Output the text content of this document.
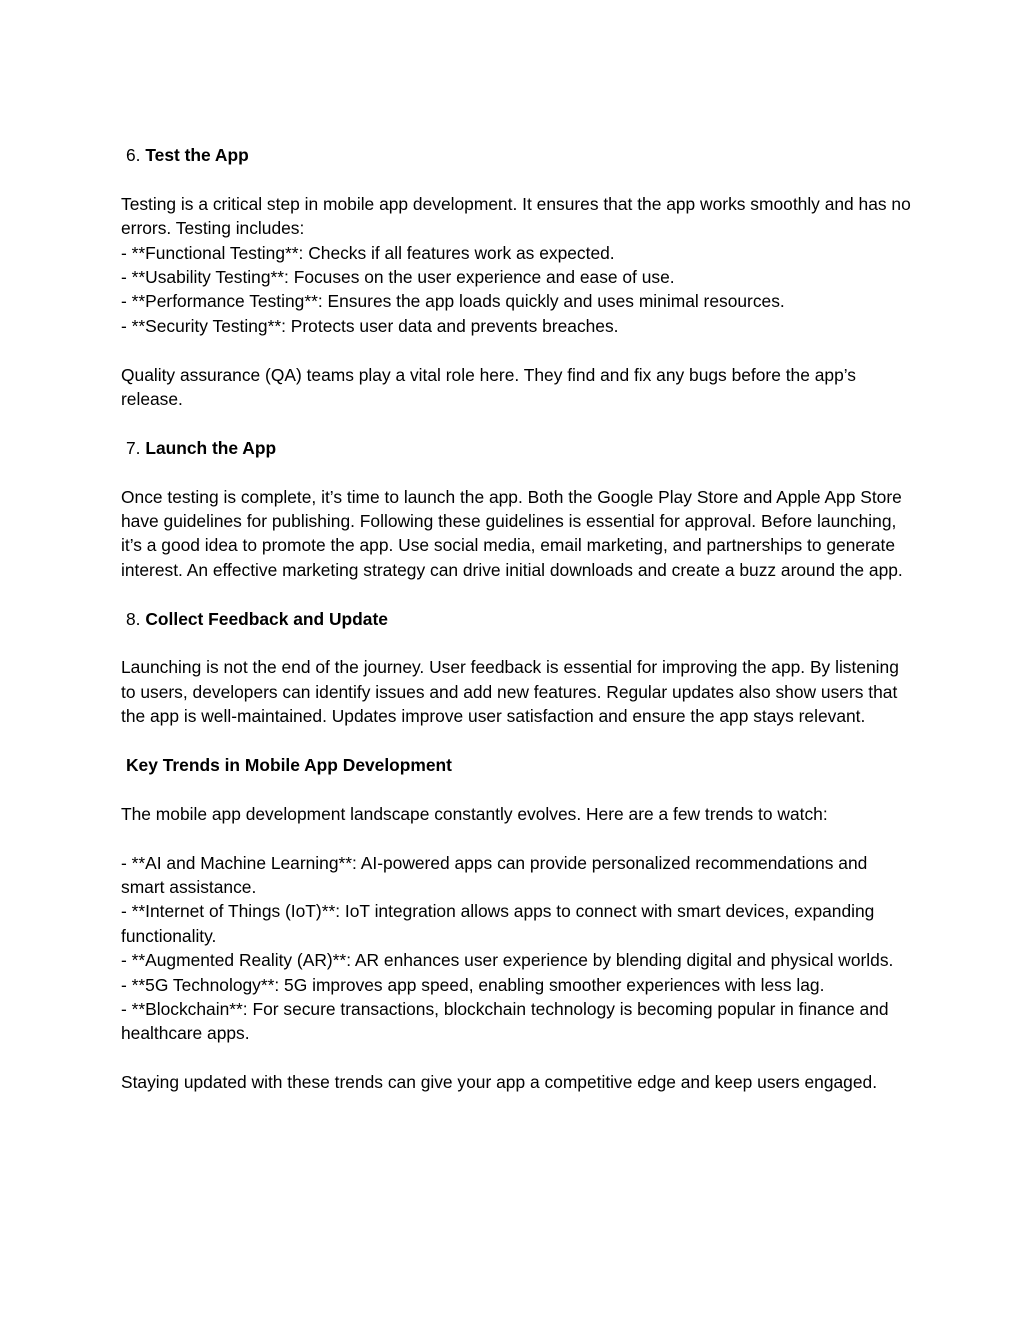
6. Test the App

Testing is a critical step in mobile app development. It ensures that the app works smoothly and has no errors. Testing includes:

- **Functional Testing**: Checks if all features work as expected.

- **Usability Testing**: Focuses on the user experience and ease of use.

- **Performance Testing**: Ensures the app loads quickly and uses minimal resources.

- **Security Testing**: Protects user data and prevents breaches.

Quality assurance (QA) teams play a vital role here. They find and fix any bugs before the app’s release.

7. Launch the App

Once testing is complete, it’s time to launch the app. Both the Google Play Store and Apple App Store have guidelines for publishing. Following these guidelines is essential for approval. Before launching, it’s a good idea to promote the app. Use social media, email marketing, and partnerships to generate interest. An effective marketing strategy can drive initial downloads and create a buzz around the app.

8. Collect Feedback and Update

Launching is not the end of the journey. User feedback is essential for improving the app. By listening to users, developers can identify issues and add new features. Regular updates also show users that the app is well-maintained. Updates improve user satisfaction and ensure the app stays relevant.

Key Trends in Mobile App Development

The mobile app development landscape constantly evolves. Here are a few trends to watch:

- **AI and Machine Learning**: AI-powered apps can provide personalized recommendations and smart assistance.

- **Internet of Things (IoT)**: IoT integration allows apps to connect with smart devices, expanding functionality.

- **Augmented Reality (AR)**: AR enhances user experience by blending digital and physical worlds.

- **5G Technology**: 5G improves app speed, enabling smoother experiences with less lag.

- **Blockchain**: For secure transactions, blockchain technology is becoming popular in finance and healthcare apps.

Staying updated with these trends can give your app a competitive edge and keep users engaged.
